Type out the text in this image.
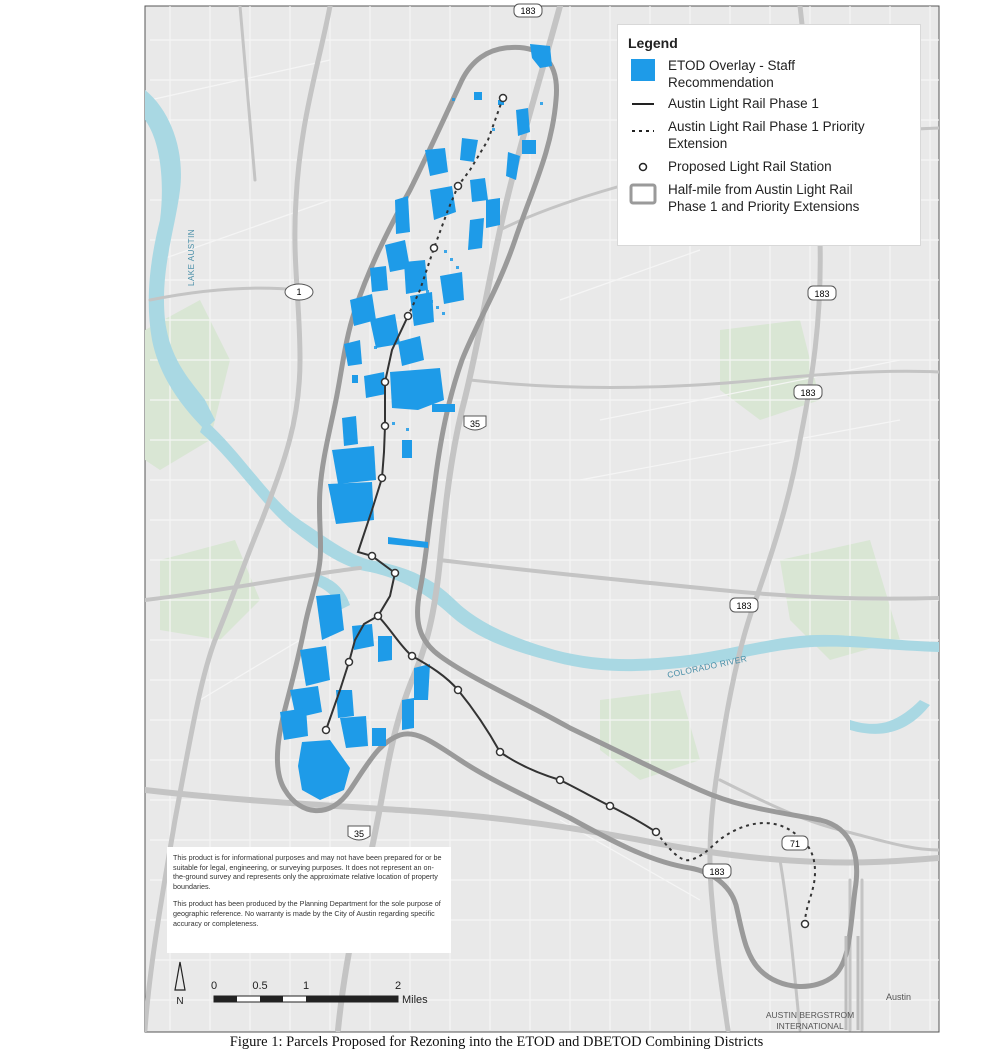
183
1	183
183
35
183
35
183
71
LAKE AUSTIN
COLORADO RIVER
Austin
AUSTIN BERGSTROM
INTERNATIONAL
N
0	0.5	1	2
Miles
Legend
ETOD Overlay - Staff
Recommendation
Austin Light Rail Phase 1
Austin Light Rail Phase 1 Priority
Extension
Proposed Light Rail Station
Half-mile from Austin Light Rail
Phase 1 and Priority Extensions

This product is for informational purposes and may not have been prepared for or be suitable for legal, engineering, or surveying purposes. It does not represent an on-the-ground survey and represents only the approximate relative location of property boundaries.

This product has been produced by the Planning Department for the sole purpose of geographic reference. No warranty is made by the City of Austin regarding specific accuracy or completeness.

Figure 1: Parcels Proposed for Rezoning into the ETOD and DBETOD Combining Districts
